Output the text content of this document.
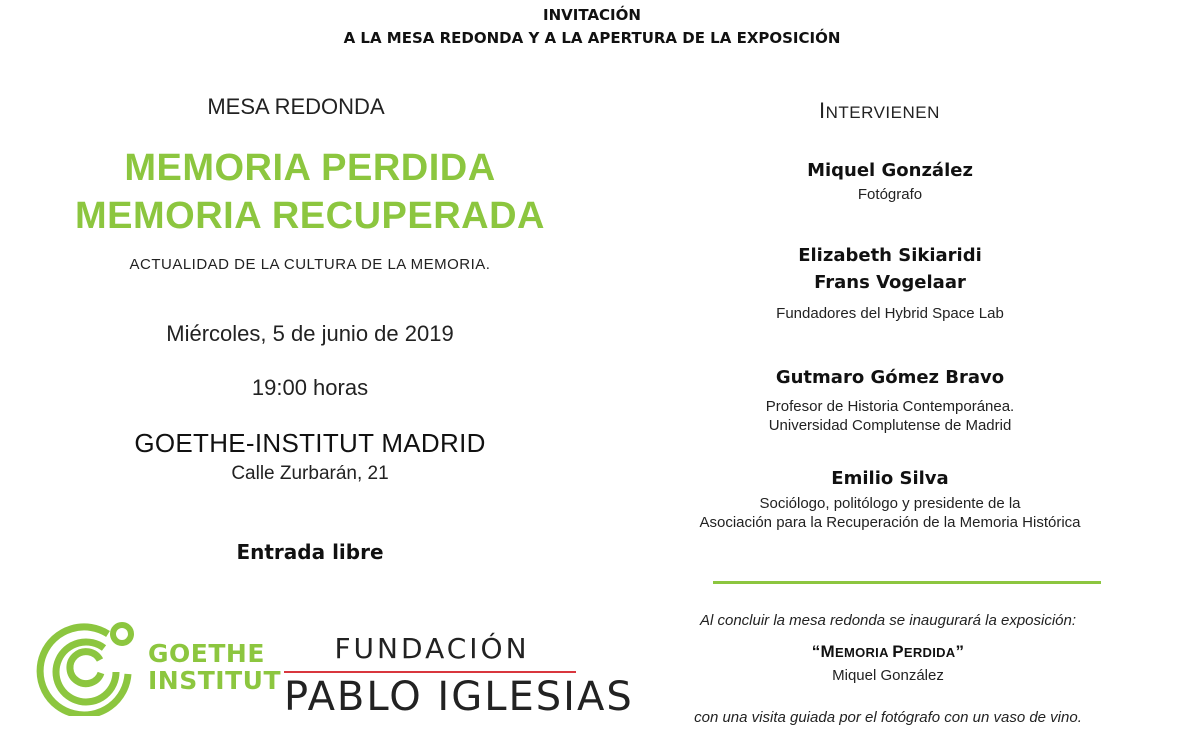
INVITACIÓN
A LA MESA REDONDA Y A LA APERTURA DE LA EXPOSICIÓN
MESA REDONDA
MEMORIA PERDIDA
MEMORIA RECUPERADA
ACTUALIDAD DE LA CULTURA DE LA MEMORIA.
Miércoles, 5 de junio de 2019
19:00 horas
GOETHE-INSTITUT MADRID
Calle Zurbarán, 21
Entrada libre
GOETHE
INSTITUT
FUNDACIÓN
PABLO IGLESIAS
INTERVIENEN
Miquel González
Fotógrafo
Elizabeth Sikiaridi
Frans Vogelaar
Fundadores del Hybrid Space Lab
Gutmaro Gómez Bravo
Profesor de Historia Contemporánea.
Universidad Complutense de Madrid
Emilio Silva
Sociólogo, politólogo y presidente de la
Asociación para la Recuperación de la Memoria Histórica
Al concluir la mesa redonda se inaugurará la exposición:
“MEMORIA PERDIDA”
Miquel González
con una visita guiada por el fotógrafo con un vaso de vino.
